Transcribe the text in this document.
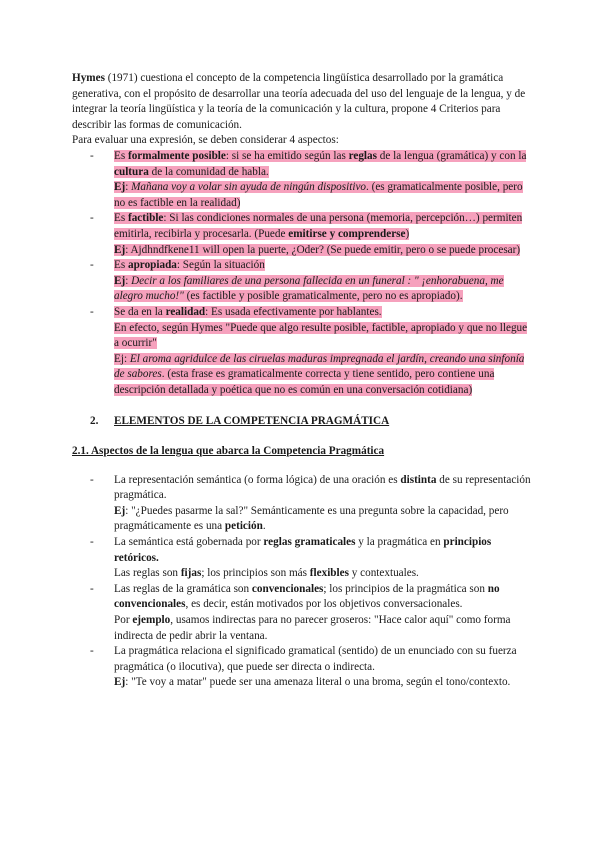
Hymes (1971) cuestiona el concepto de la competencia lingüística desarrollado por la gramática generativa, con el propósito de desarrollar una teoría adecuada del uso del lenguaje de la lengua, y de integrar la teoría lingüística y la teoría de la comunicación y la cultura, propone 4 Criterios para describir las formas de comunicación.

Para evaluar una expresión, se deben considerar 4 aspectos:

- Es formalmente posible: si se ha emitido según las reglas de la lengua (gramática) y con la cultura de la comunidad de habla.
Ej: Mañana voy a volar sin ayuda de ningún dispositivo. (es gramaticalmente posible, pero no es factible en la realidad)
- Es factible: Si las condiciones normales de una persona (memoria, percepción…) permiten emitirla, recibirla y procesarla. (Puede emitirse y comprenderse)
Ej: Ajdhndfkene11 will open la puerte, ¿Oder? (Se puede emitir, pero o se puede procesar)
- Es apropiada: Según la situación
Ej: Decir a los familiares de una persona fallecida en un funeral : " ¡enhorabuena, me alegro mucho!" (es factible y posible gramaticalmente, pero no es apropiado).
- Se da en la realidad: Es usada efectivamente por hablantes.
En efecto, según Hymes "Puede que algo resulte posible, factible, apropiado y que no llegue a ocurrir"
Ej: El aroma agridulce de las ciruelas maduras impregnada el jardín, creando una sinfonía de sabores. (esta frase es gramaticalmente correcta y tiene sentido, pero contiene una descripción detallada y poética que no es común en una conversación cotidiana)
2. ELEMENTOS DE LA COMPETENCIA PRAGMÁTICA
2.1. Aspectos de la lengua que abarca la Competencia Pragmática
- La representación semántica (o forma lógica) de una oración es distinta de su representación pragmática.
Ej: "¿Puedes pasarme la sal?" Semánticamente es una pregunta sobre la capacidad, pero pragmáticamente es una petición.
- La semántica está gobernada por reglas gramaticales y la pragmática en principios retóricos.
Las reglas son fijas; los principios son más flexibles y contextuales.
- Las reglas de la gramática son convencionales; los principios de la pragmática son no convencionales, es decir, están motivados por los objetivos conversacionales.
Por ejemplo, usamos indirectas para no parecer groseros: "Hace calor aquí" como forma indirecta de pedir abrir la ventana.
- La pragmática relaciona el significado gramatical (sentido) de un enunciado con su fuerza pragmática (o ilocutiva), que puede ser directa o indirecta.
Ej: "Te voy a matar" puede ser una amenaza literal o una broma, según el tono/contexto.
